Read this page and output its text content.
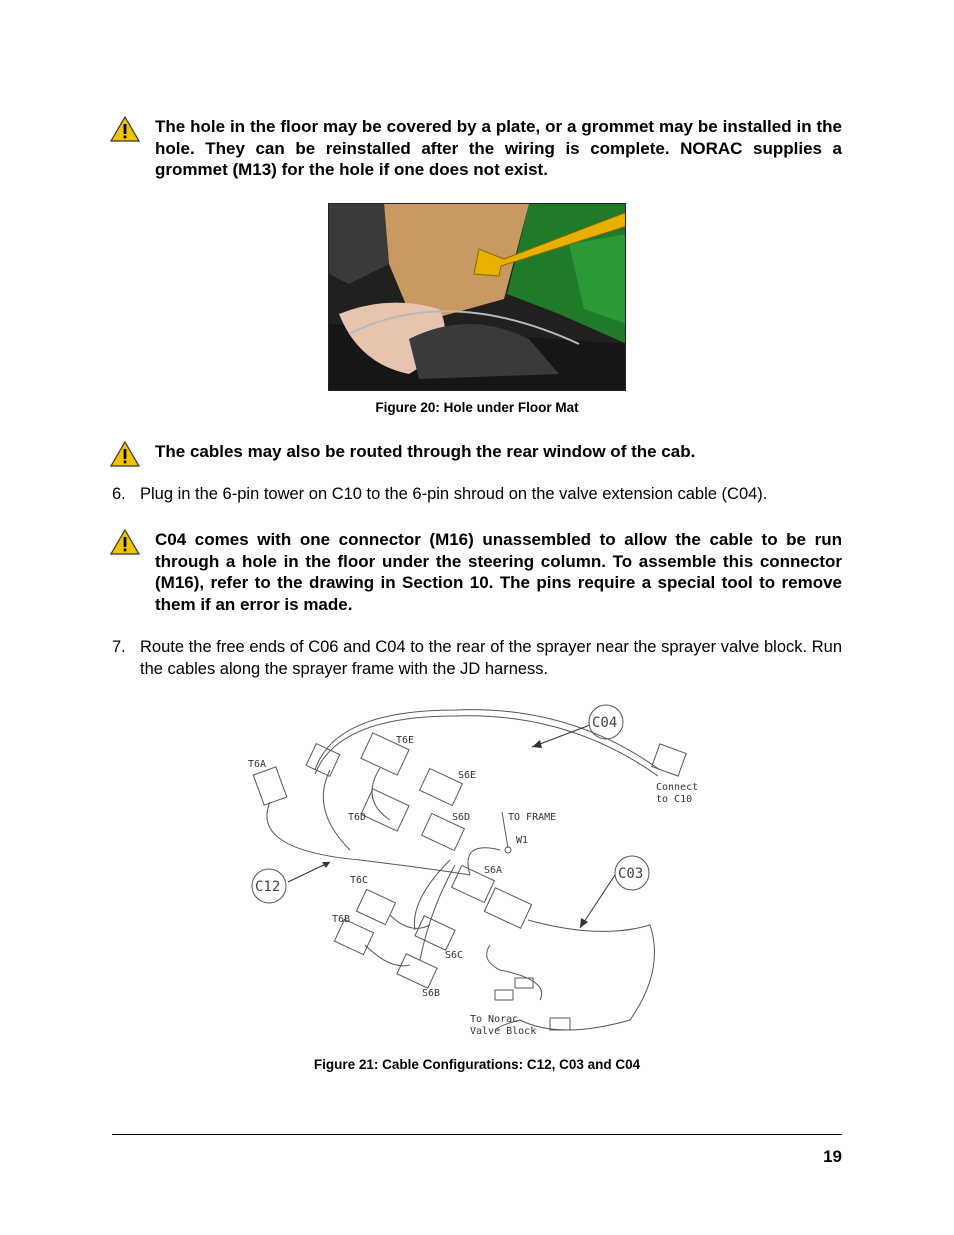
The hole in the floor may be covered by a plate, or a grommet may be installed in the hole. They can be reinstalled after the wiring is complete. NORAC supplies a grommet (M13) for the hole if one does not exist.
Figure 20: Hole under Floor Mat
The cables may also be routed through the rear window of the cab.
6. Plug in the 6-pin tower on C10 to the 6-pin shroud on the valve extension cable (C04).
C04 comes with one connector (M16) unassembled to allow the cable to be run through a hole in the floor under the steering column. To assemble this connector (M16), refer to the drawing in Section 10. The pins require a special tool to remove them if an error is made.
7. Route the free ends of C06 and C04 to the rear of the sprayer near the sprayer valve block. Run the cables along the sprayer frame with the JD harness.
C04
C03
C12
T6A
T6E
S6E
T6D	S6D	TO FRAME
W1
S6A
T6C
T6B
S6C
S6B
Connect
to C10
To Norac
Valve Block
Figure 21: Cable Configurations: C12, C03 and C04
19
